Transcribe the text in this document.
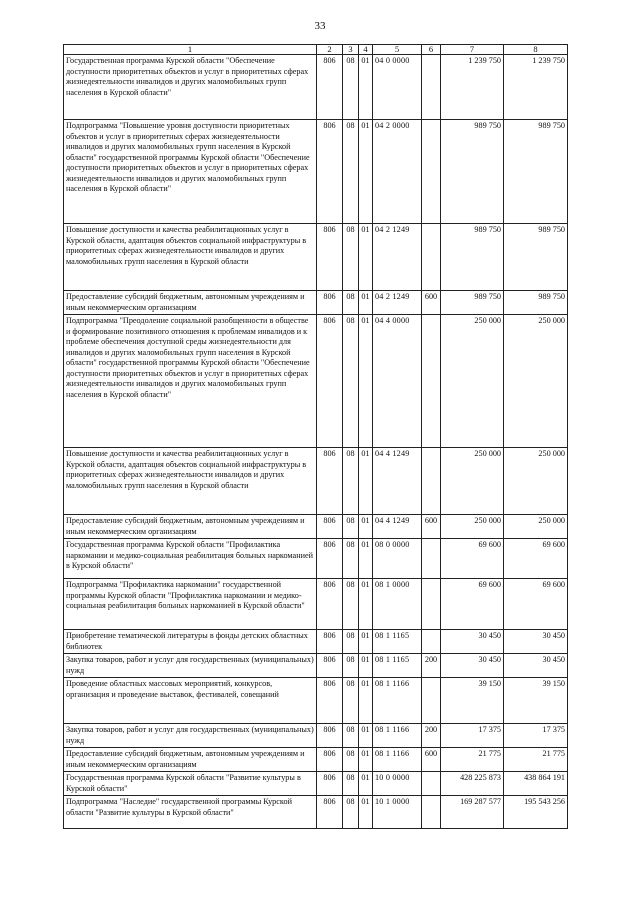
33
1	2	3	4	5	6	7	8
Государственная программа Курской области "Обеспечение доступности приоритетных объектов и услуг в приоритетных сферах жизнедеятельности инвалидов и других маломобильных групп населения в Курской области"	806	08	01	04 0 0000		1 239 750	1 239 750
Подпрограмма "Повышение уровня доступности приоритетных объектов и услуг в приоритетных сферах жизнедеятельности инвалидов и других маломобильных групп населения в Курской области" государственной программы Курской области "Обеспечение доступности приоритетных объектов и услуг в приоритетных сферах жизнедеятельности инвалидов и других маломобильных групп населения в Курской области"	806	08	01	04 2 0000		989 750	989 750
Повышение доступности и качества реабилитационных услуг в Курской области, адаптация объектов социальной инфраструктуры в приоритетных сферах жизнедеятельности инвалидов и других маломобильных групп населения в Курской области	806	08	01	04 2 1249		989 750	989 750
Предоставление субсидий бюджетным, автономным учреждениям и иным некоммерческим организациям	806	08	01	04 2 1249	600	989 750	989 750
Подпрограмма "Преодоление социальной разобщенности в обществе и формирование позитивного отношения к проблемам инвалидов и к проблеме обеспечения доступной среды жизнедеятельности для инвалидов и других маломобильных групп населения в Курской области" государственной программы Курской области "Обеспечение доступности приоритетных объектов и услуг в приоритетных сферах жизнедеятельности инвалидов и других маломобильных групп населения в Курской области"	806	08	01	04 4 0000		250 000	250 000
Повышение доступности и качества реабилитационных услуг в Курской области, адаптация объектов социальной инфраструктуры в приоритетных сферах жизнедеятельности инвалидов и других маломобильных групп населения в Курской области	806	08	01	04 4 1249		250 000	250 000
Предоставление субсидий бюджетным, автономным учреждениям и иным некоммерческим организациям	806	08	01	04 4 1249	600	250 000	250 000
Государственная программа Курской области "Профилактика наркомании и медико-социальная реабилитация больных наркоманией в Курской области"	806	08	01	08 0 0000		69 600	69 600
Подпрограмма "Профилактика наркомании" государственной программы Курской области "Профилактика наркомании и медико-социальная реабилитация больных наркоманией в Курской области"	806	08	01	08 1 0000		69 600	69 600
Приобретение тематической литературы в фонды детских областных библиотек	806	08	01	08 1 1165		30 450	30 450
Закупка товаров, работ и услуг для государственных (муниципальных) нужд	806	08	01	08 1 1165	200	30 450	30 450
Проведение областных массовых мероприятий, конкурсов, организация и проведение выставок, фестивалей, совещаний	806	08	01	08 1 1166		39 150	39 150
Закупка товаров, работ и услуг для государственных (муниципальных) нужд	806	08	01	08 1 1166	200	17 375	17 375
Предоставление субсидий бюджетным, автономным учреждениям и иным некоммерческим организациям	806	08	01	08 1 1166	600	21 775	21 775
Государственная программа Курской области "Развитие культуры в Курской области"	806	08	01	10 0 0000		428 225 873	438 864 191
Подпрограмма "Наследие" государственной программы Курской области "Развитие культуры в Курской области"	806	08	01	10 1 0000		169 287 577	195 543 256
